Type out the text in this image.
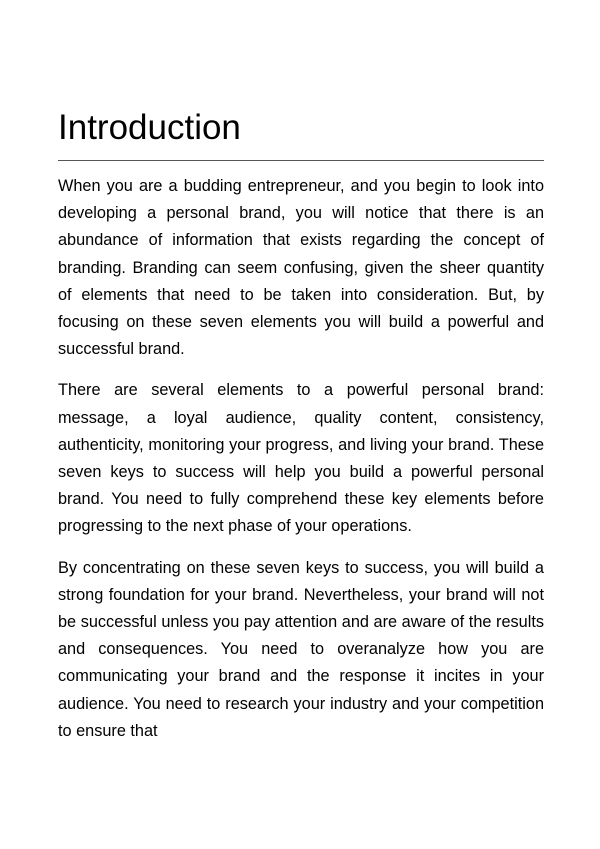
Introduction

When you are a budding entrepreneur, and you begin to look into developing a personal brand, you will notice that there is an abundance of information that exists regarding the concept of branding. Branding can seem confusing, given the sheer quantity of elements that need to be taken into consideration. But, by focusing on these seven elements you will build a powerful and successful brand.

There are several elements to a powerful personal brand: message, a loyal audience, quality content, consistency, authenticity, monitoring your progress, and living your brand. These seven keys to success will help you build a powerful personal brand. You need to fully comprehend these key elements before progressing to the next phase of your operations.

By concentrating on these seven keys to success, you will build a strong foundation for your brand. Nevertheless, your brand will not be successful unless you pay attention and are aware of the results and consequences. You need to overanalyze how you are communicating your brand and the response it incites in your audience. You need to research your industry and your competition to ensure that
